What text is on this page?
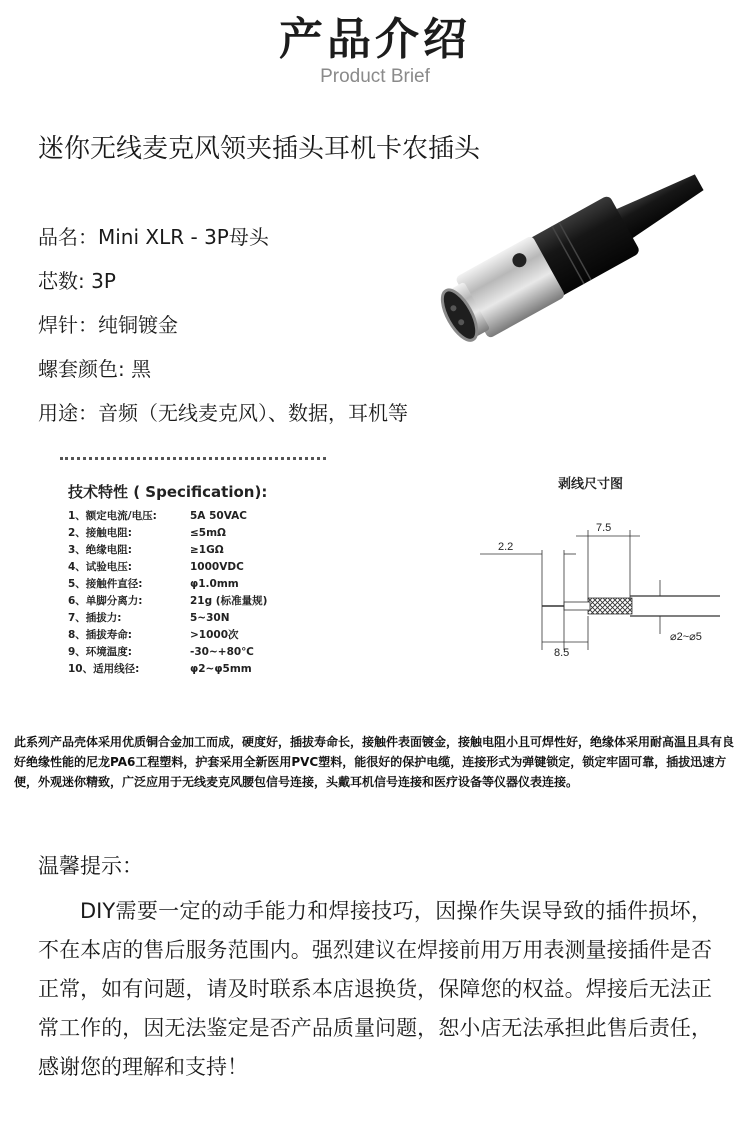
产品介绍
Product Brief
迷你无线麦克风领夹插头耳机卡农插头
品名：Mini XLR - 3P母头
芯数: 3P
焊针：纯铜镀金
螺套颜色: 黑
用途：音频（无线麦克风）、数据，耳机等
技术特性 ( Specification):
1、额定电流/电压:	5A 50VAC
2、接触电阻:	≤5mΩ
3、绝缘电阻:	≥1GΩ
4、试验电压:	1000VDC
5、接触件直径:	φ1.0mm
6、单脚分离力:	21g (标准量规)
7、插拔力:	5~30N
8、插拔寿命:	>1000次
9、环境温度:	-30~+80℃
10、适用线径:	φ2~φ5mm
剥线尺寸图
2.2
7.5
8.5
⌀2~⌀5

此系列产品壳体采用优质铜合金加工而成，硬度好，插拔寿命长，接触件表面镀金，接触电阻小且可焊性好，绝缘体采用耐高温且具有良好绝缘性能的尼龙PA6工程塑料，护套采用全新医用PVC塑料，能很好的保护电缆，连接形式为弹键锁定，锁定牢固可靠，插拔迅速方便，外观迷你精致，广泛应用于无线麦克风腰包信号连接，头戴耳机信号连接和医疗设备等仪器仪表连接。

温馨提示：

DIY需要一定的动手能力和焊接技巧，因操作失误导致的插件损坏，不在本店的售后服务范围内。强烈建议在焊接前用万用表测量接插件是否正常，如有问题，请及时联系本店退换货，保障您的权益。焊接后无法正常工作的，因无法鉴定是否产品质量问题，恕小店无法承担此售后责任，感谢您的理解和支持！
